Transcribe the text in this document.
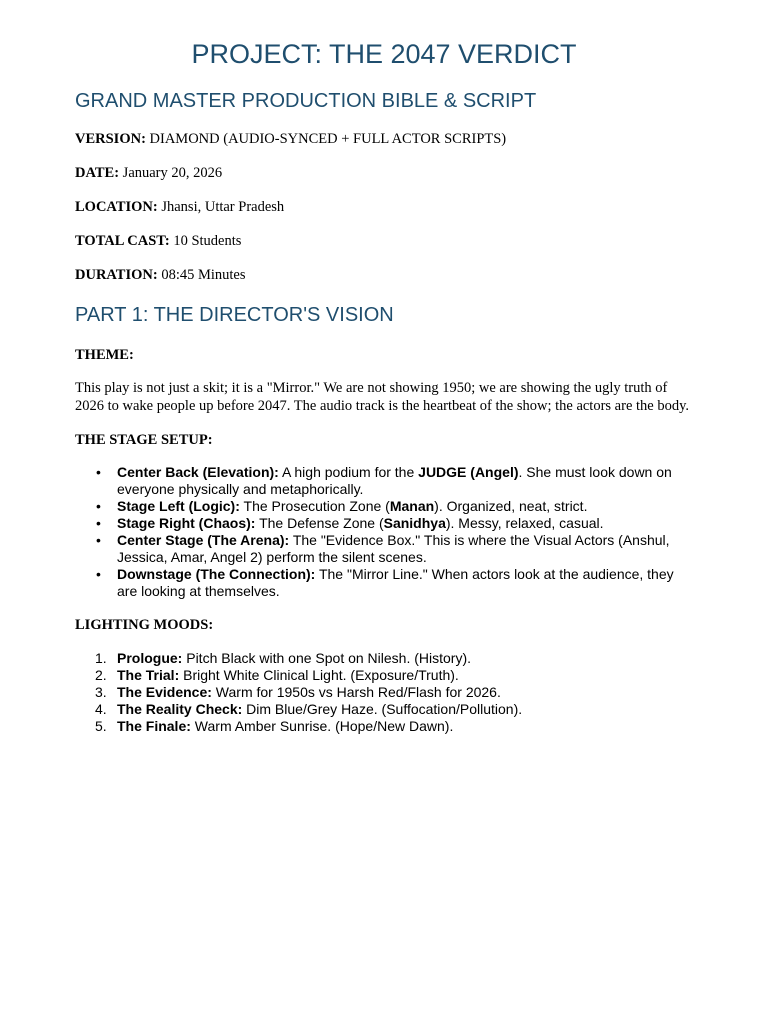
PROJECT: THE 2047 VERDICT
GRAND MASTER PRODUCTION BIBLE & SCRIPT

VERSION: DIAMOND (AUDIO-SYNCED + FULL ACTOR SCRIPTS)

DATE: January 20, 2026

LOCATION: Jhansi, Uttar Pradesh

TOTAL CAST: 10 Students

DURATION: 08:45 Minutes

PART 1: THE DIRECTOR'S VISION

THEME:

This play is not just a skit; it is a "Mirror." We are not showing 1950; we are showing the ugly truth of 2026 to wake people up before 2047. The audio track is the heartbeat of the show; the actors are the body.

THE STAGE SETUP:

• Center Back (Elevation): A high podium for the JUDGE (Angel). She must look down on everyone physically and metaphorically.
• Stage Left (Logic): The Prosecution Zone (Manan). Organized, neat, strict.
• Stage Right (Chaos): The Defense Zone (Sanidhya). Messy, relaxed, casual.
• Center Stage (The Arena): The "Evidence Box." This is where the Visual Actors (Anshul, Jessica, Amar, Angel 2) perform the silent scenes.
• Downstage (The Connection): The "Mirror Line." When actors look at the audience, they are looking at themselves.

LIGHTING MOODS:

1. Prologue: Pitch Black with one Spot on Nilesh. (History).
2. The Trial: Bright White Clinical Light. (Exposure/Truth).
3. The Evidence: Warm for 1950s vs Harsh Red/Flash for 2026.
4. The Reality Check: Dim Blue/Grey Haze. (Suffocation/Pollution).
5. The Finale: Warm Amber Sunrise. (Hope/New Dawn).
